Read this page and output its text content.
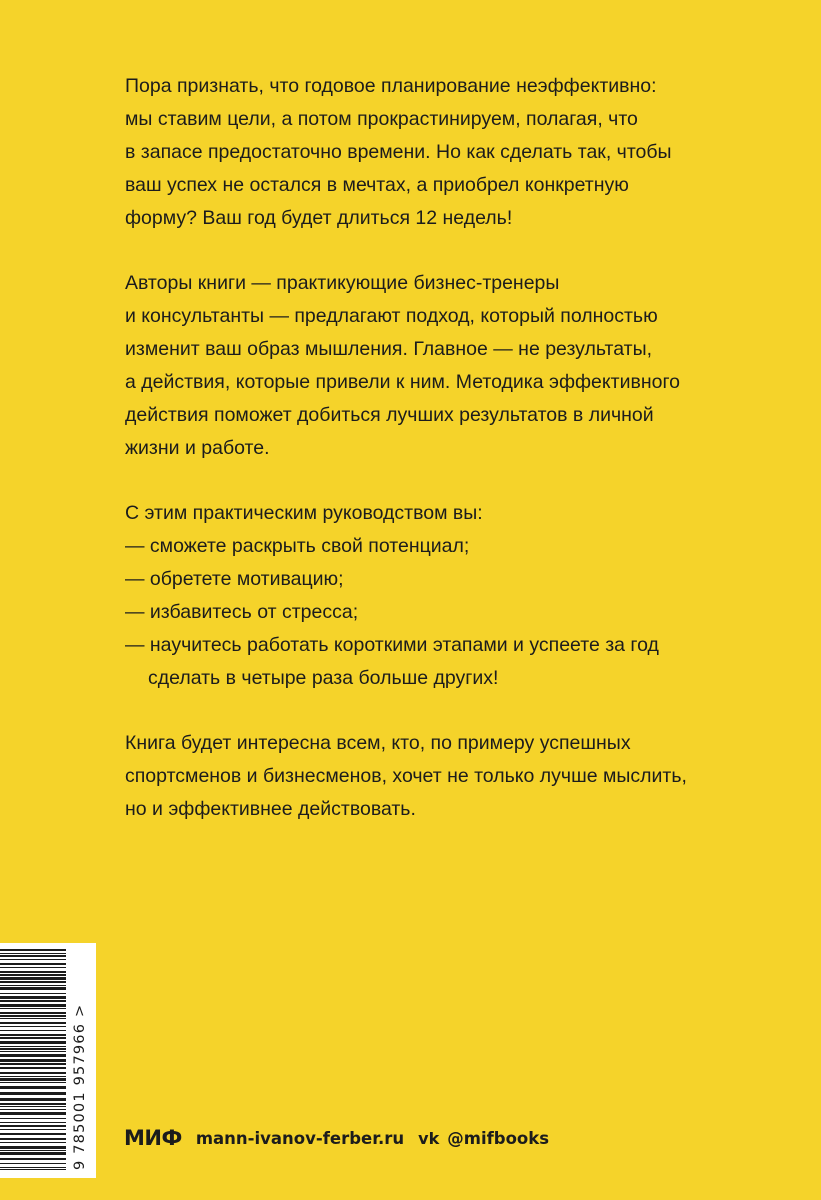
Пора признать, что годовое планирование неэффективно:
мы ставим цели, а потом прокрастинируем, полагая, что
в запасе предостаточно времени. Но как сделать так, чтобы
ваш успех не остался в мечтах, а приобрел конкретную
форму? Ваш год будет длиться 12 недель!

Авторы книги — практикующие бизнес-тренеры
и консультанты — предлагают подход, который полностью
изменит ваш образ мышления. Главное — не результаты,
а действия, которые привели к ним. Методика эффективного
действия поможет добиться лучших результатов в личной
жизни и работе.

С этим практическим руководством вы:
— сможете раскрыть свой потенциал;
— обретете мотивацию;
— избавитесь от стресса;
— научитесь работать короткими этапами и успеете за год
сделать в четыре раза больше других!

Книга будет интересна всем, кто, по примеру успешных
спортсменов и бизнесменов, хочет не только лучше мыслить,
но и эффективнее действовать.

9 785001 957966 > МИФ mann-ivanov-ferber.ru vk @mifbooks
